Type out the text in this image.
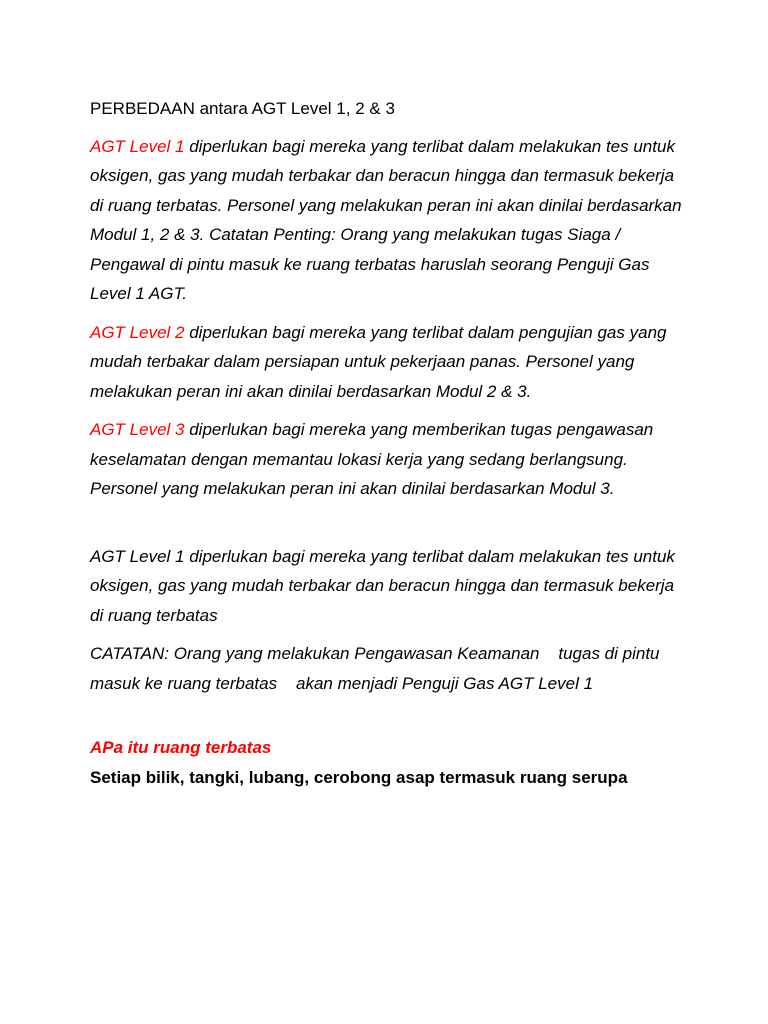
PERBEDAAN antara AGT Level 1, 2 & 3

AGT Level 1 diperlukan bagi mereka yang terlibat dalam melakukan tes untuk oksigen, gas yang mudah terbakar dan beracun hingga dan termasuk bekerja di ruang terbatas. Personel yang melakukan peran ini akan dinilai berdasarkan Modul 1, 2 & 3. Catatan Penting: Orang yang melakukan tugas Siaga / Pengawal di pintu masuk ke ruang terbatas haruslah seorang Penguji Gas Level 1 AGT.

AGT Level 2 diperlukan bagi mereka yang terlibat dalam pengujian gas yang mudah terbakar dalam persiapan untuk pekerjaan panas. Personel yang melakukan peran ini akan dinilai berdasarkan Modul 2 & 3.

AGT Level 3 diperlukan bagi mereka yang memberikan tugas pengawasan keselamatan dengan memantau lokasi kerja yang sedang berlangsung. Personel yang melakukan peran ini akan dinilai berdasarkan Modul 3.

AGT Level 1 diperlukan bagi mereka yang terlibat dalam melakukan tes untuk oksigen, gas yang mudah terbakar dan beracun hingga dan termasuk bekerja di ruang terbatas

CATATAN: Orang yang melakukan Pengawasan Keamanan    tugas di pintu masuk ke ruang terbatas    akan menjadi Penguji Gas AGT Level 1

APa itu ruang terbatas

Setiap bilik, tangki, lubang, cerobong asap termasuk ruang serupa
